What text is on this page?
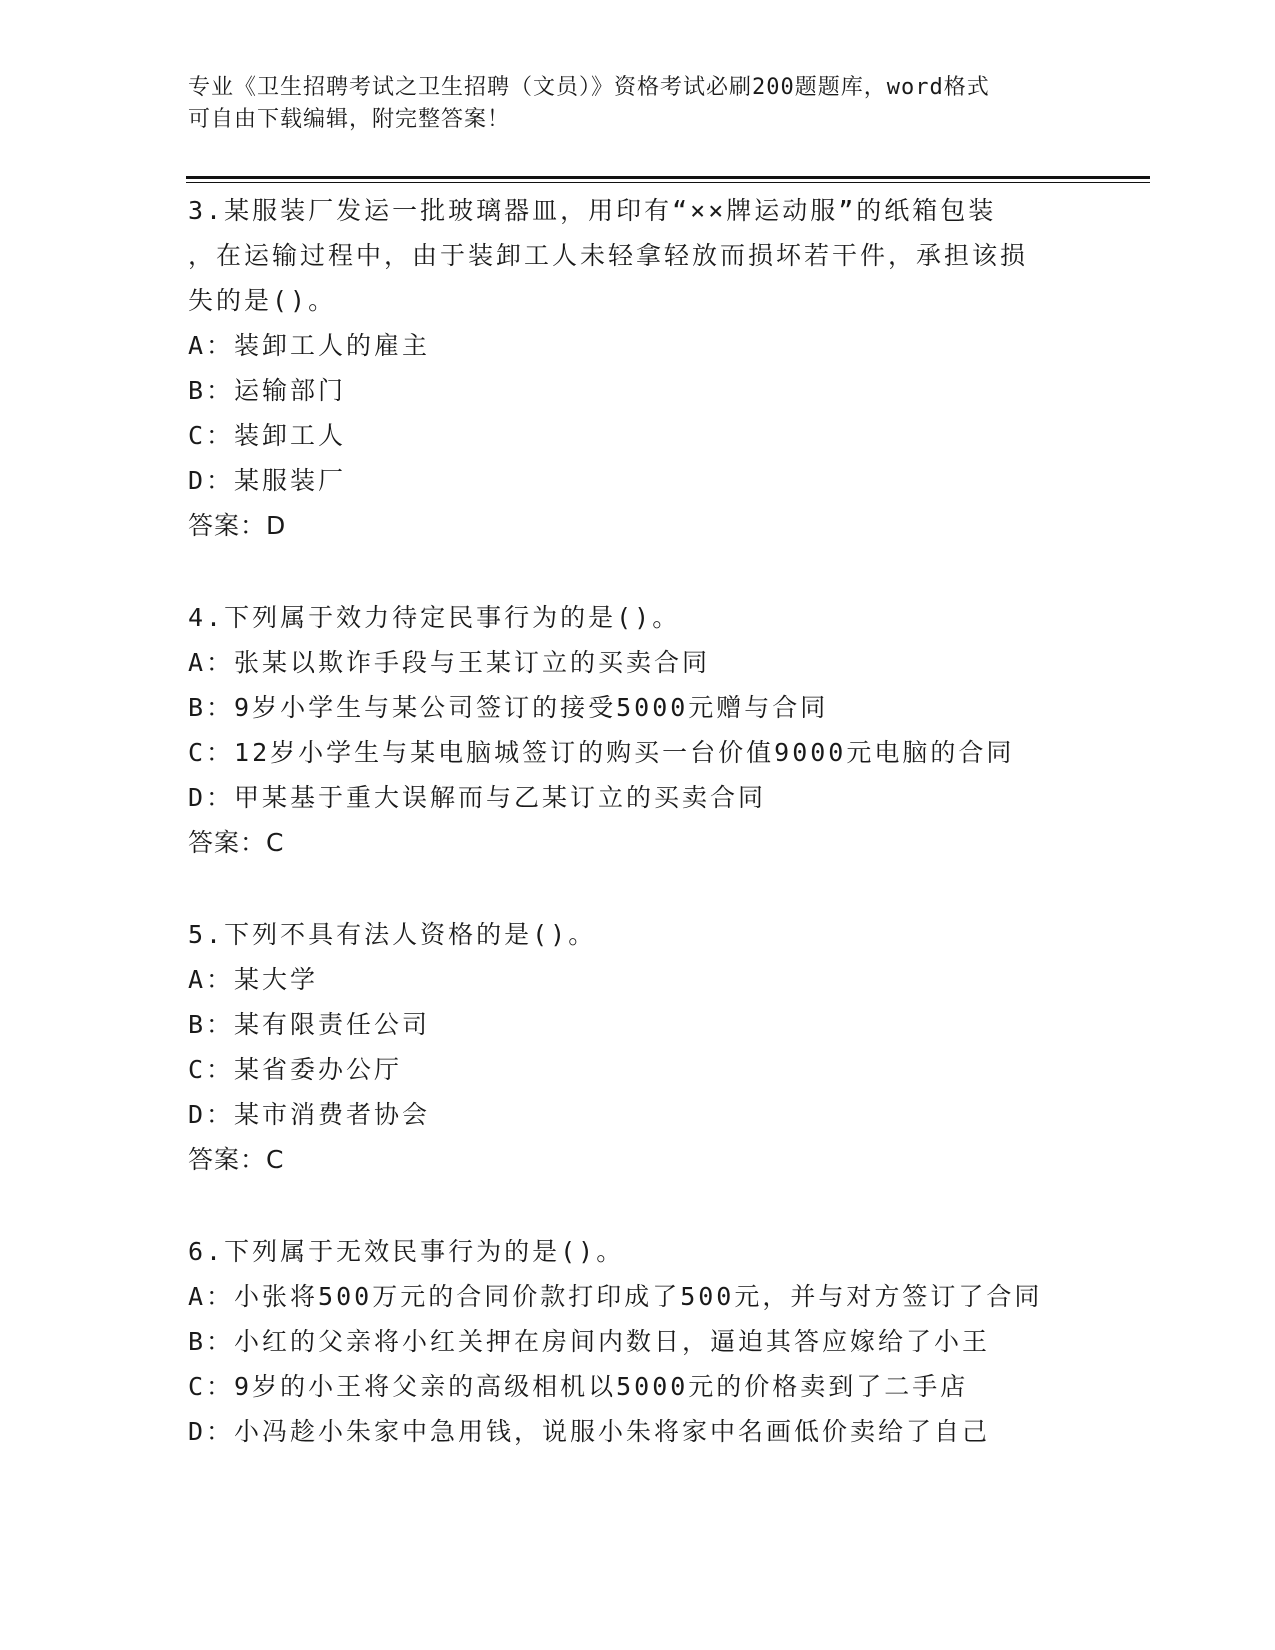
专业《卫生招聘考试之卫生招聘（文员）》资格考试必刷200题题库，word格式
可自由下载编辑，附完整答案！
3.某服装厂发运一批玻璃器皿，用印有“××牌运动服”的纸箱包装
，在运输过程中，由于装卸工人未轻拿轻放而损坏若干件，承担该损
失的是()。
A：装卸工人的雇主
B：运输部门
C：装卸工人
D：某服装厂
答案：D
4.下列属于效力待定民事行为的是()。
A：张某以欺诈手段与王某订立的买卖合同
B：9岁小学生与某公司签订的接受5000元赠与合同
C：12岁小学生与某电脑城签订的购买一台价值9000元电脑的合同
D：甲某基于重大误解而与乙某订立的买卖合同
答案：C
5.下列不具有法人资格的是()。
A：某大学
B：某有限责任公司
C：某省委办公厅
D：某市消费者协会
答案：C
6.下列属于无效民事行为的是()。
A：小张将500万元的合同价款打印成了500元，并与对方签订了合同
B：小红的父亲将小红关押在房间内数日，逼迫其答应嫁给了小王
C：9岁的小王将父亲的高级相机以5000元的价格卖到了二手店
D：小冯趁小朱家中急用钱，说服小朱将家中名画低价卖给了自己
